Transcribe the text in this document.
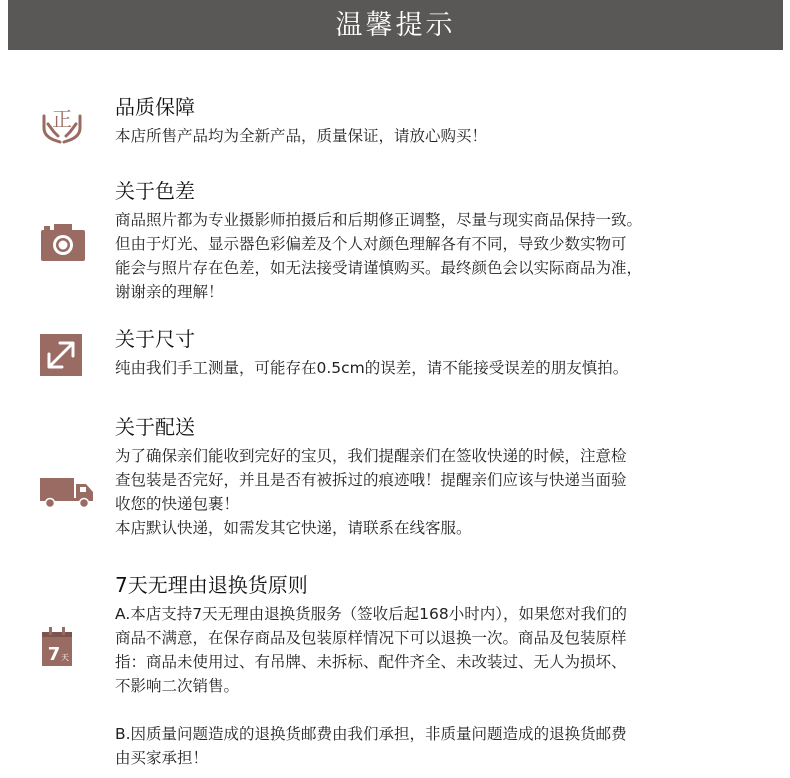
温馨提示
正 品质保障

本店所售产品均为全新产品，质量保证，请放心购买！

关于色差

商品照片都为专业摄影师拍摄后和后期修正调整，尽量与现实商品保持一致。

但由于灯光、显示器色彩偏差及个人对颜色理解各有不同，导致少数实物可

能会与照片存在色差，如无法接受请谨慎购买。最终颜色会以实际商品为准，

谢谢亲的理解！

关于尺寸

纯由我们手工测量，可能存在0.5cm的误差，请不能接受误差的朋友慎拍。

关于配送

为了确保亲们能收到完好的宝贝，我们提醒亲们在签收快递的时候，注意检

查包装是否完好，并且是否有被拆过的痕迹哦！提醒亲们应该与快递当面验

收您的快递包裹！

本店默认快递，如需发其它快递，请联系在线客服。

7 天
7天无理由退换货原则

A.本店支持7天无理由退换货服务（签收后起168小时内），如果您对我们的

商品不满意，在保存商品及包装原样情况下可以退换一次。商品及包装原样

指：商品未使用过、有吊牌、未拆标、配件齐全、未改装过、无人为损坏、

不影响二次销售。

B.因质量问题造成的退换货邮费由我们承担，非质量问题造成的退换货邮费

由买家承担！
